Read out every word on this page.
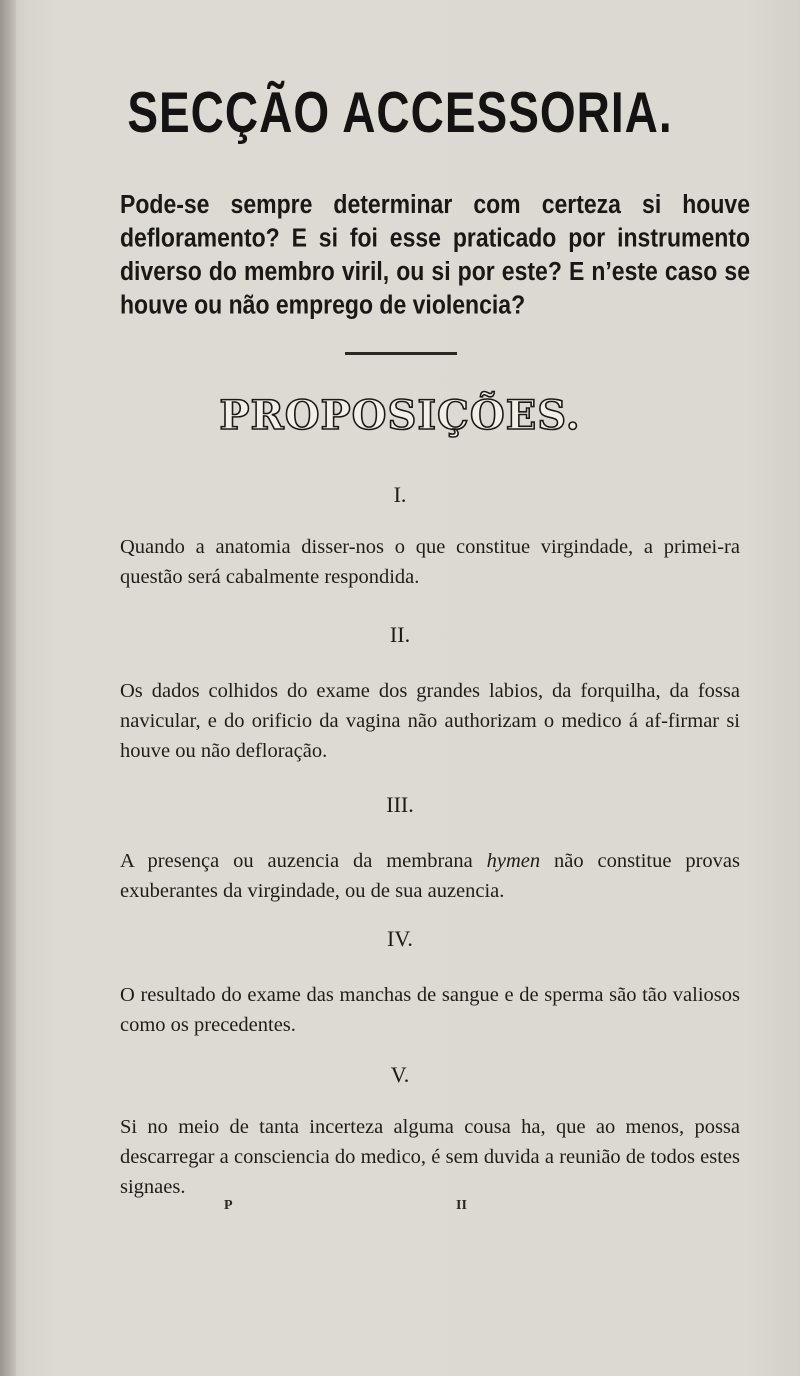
SECÇÃO ACCESSORIA.

Pode-se sempre determinar com certeza si houve defloramento? E si foi esse praticado por instrumento diverso do membro viril, ou si por este? E n’este caso se houve ou não emprego de violencia?

PROPOSIÇÕES.
I.

Quando a anatomia disser-nos o que constitue virgindade, a primei-ra questão será cabalmente respondida.

II.

Os dados colhidos do exame dos grandes labios, da forquilha, da fossa navicular, e do orificio da vagina não authorizam o medico á af-firmar si houve ou não defloração.

III.

A presença ou auzencia da membrana hymen não constitue provas exuberantes da virgindade, ou de sua auzencia.

IV.

O resultado do exame das manchas de sangue e de sperma são tão valiosos como os precedentes.

V.

Si no meio de tanta incerteza alguma cousa ha, que ao menos, possa descarregar a consciencia do medico, é sem duvida a reunião de todos estes signaes.

P	II
